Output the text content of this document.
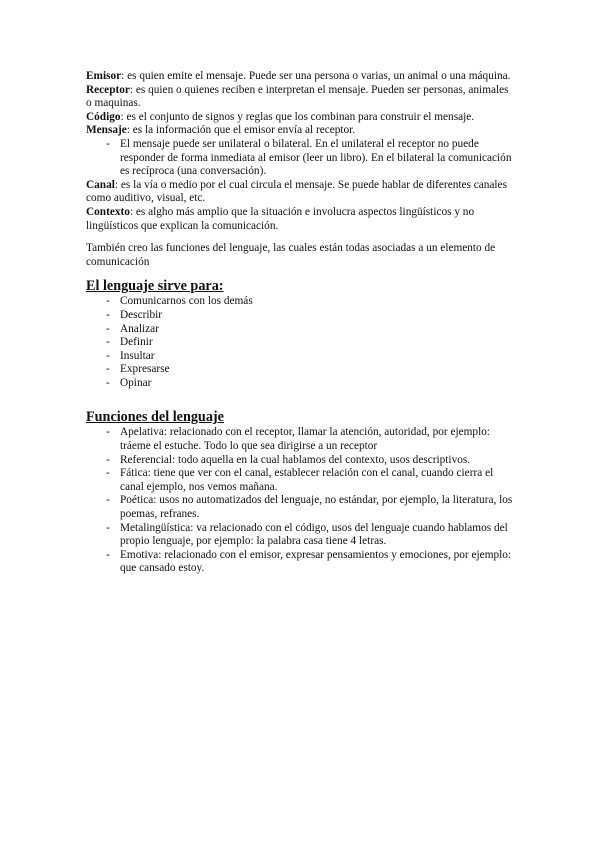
Emisor: es quien emite el mensaje. Puede ser una persona o varias, un animal o una máquina.

Receptor: es quien o quienes reciben e interpretan el mensaje. Pueden ser personas, animales o maquinas.

Código: es el conjunto de signos y reglas que los combinan para construir el mensaje.

Mensaje: es la información que el emisor envía al receptor.

- El mensaje puede ser unilateral o bilateral. En el unilateral el receptor no puede responder de forma inmediata al emisor (leer un libro). En el bilateral la comunicación es recíproca (una conversación).

Canal: es la vía o medio por el cual circula el mensaje. Se puede hablar de diferentes canales como auditivo, visual, etc.

Contexto: es algho más amplio que la situación e involucra aspectos lingüísticos y no lingüísticos que explican la comunicación.

También creo las funciones del lenguaje, las cuales están todas asociadas a un elemento de comunicación

El lenguaje sirve para:
- Comunicarnos con los demás
- Describir
- Analizar
- Definir
- Insultar
- Expresarse
- Opinar
Funciones del lenguaje
- Apelativa: relacionado con el receptor, llamar la atención, autoridad, por ejemplo: tráeme el estuche. Todo lo que sea dirigirse a un receptor
- Referencial: todo aquella en la cual hablamos del contexto, usos descriptivos.
- Fática: tiene que ver con el canal, establecer relación con el canal, cuando cierra el canal ejemplo, nos vemos mañana.
- Poética: usos no automatizados del lenguaje, no estándar, por ejemplo, la literatura, los poemas, refranes.
- Metalingüística: va relacionado con el código, usos del lenguaje cuando hablamos del propio lenguaje, por ejemplo: la palabra casa tiene 4 letras.
- Emotiva: relacionado con el emisor, expresar pensamientos y emociones, por ejemplo: que cansado estoy.
